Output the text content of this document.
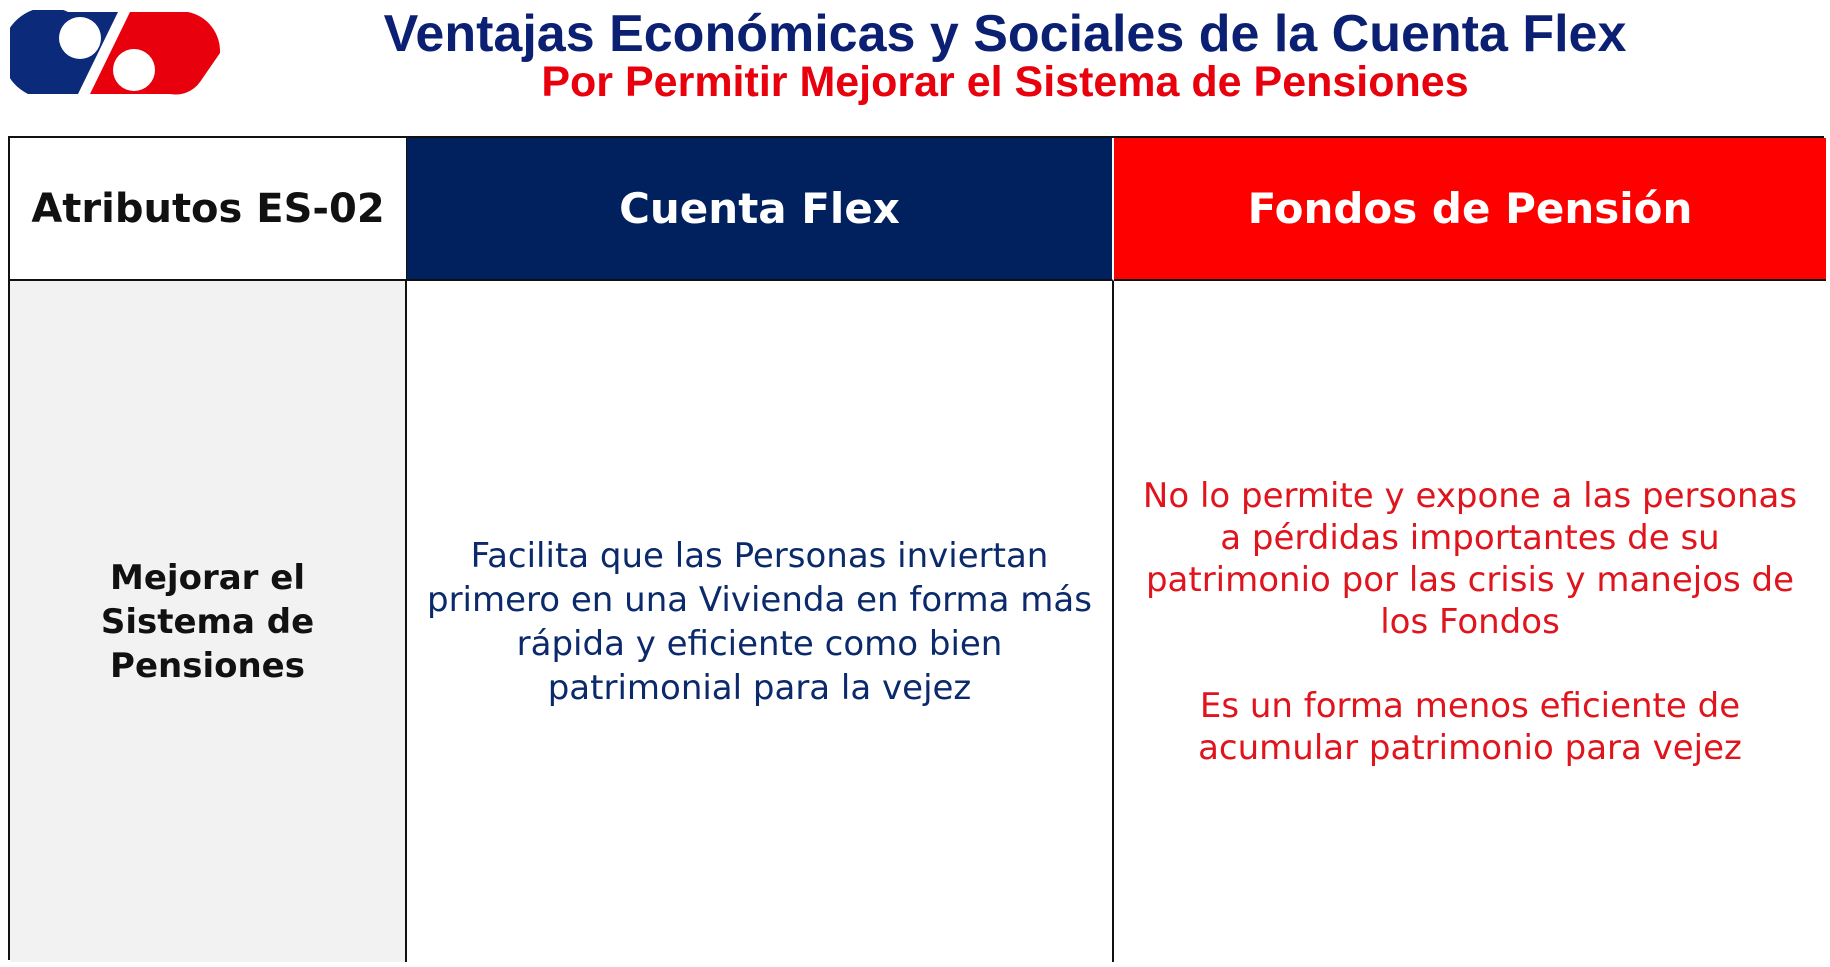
Ventajas Económicas y Sociales de la Cuenta Flex
Por Permitir Mejorar el Sistema de Pensiones
Atributos ES-02	Cuenta Flex	Fondos de Pensión
Mejorar el Sistema de Pensiones
Facilita que las Personas inviertan primero en una Vivienda en forma más rápida y eficiente como bien patrimonial para la vejez
No lo permite y expone a las personas a pérdidas importantes de su patrimonio por las crisis y manejos de los Fondos
Es un forma menos eficiente de acumular patrimonio para vejez
